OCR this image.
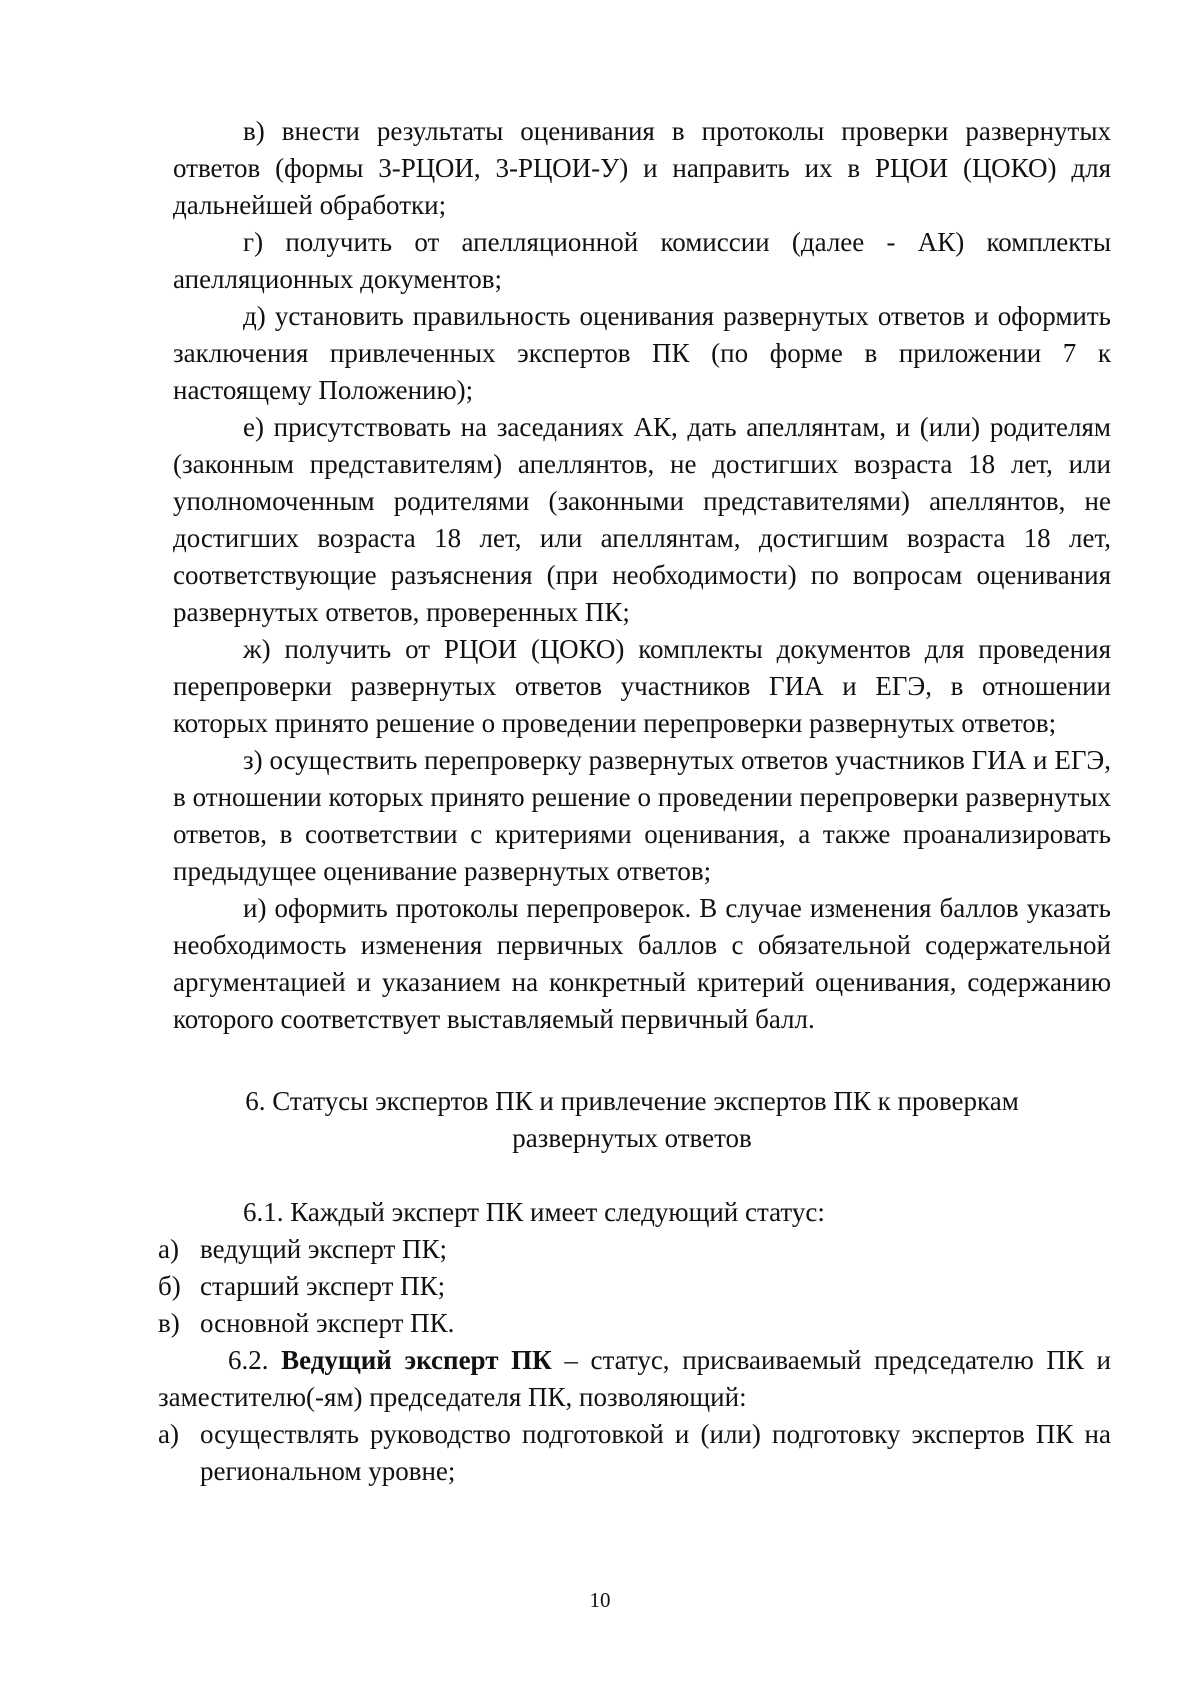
в) внести результаты оценивания в протоколы проверки развернутых ответов (формы 3-РЦОИ, 3-РЦОИ-У) и направить их в РЦОИ (ЦОКО) для дальнейшей обработки;

г) получить от апелляционной комиссии (далее - АК) комплекты апелляционных документов;

д) установить правильность оценивания развернутых ответов и оформить заключения привлеченных экспертов ПК (по форме в приложении 7 к настоящему Положению);

е) присутствовать на заседаниях АК, дать апеллянтам, и (или) родителям (законным представителям) апеллянтов, не достигших возраста 18 лет, или уполномоченным родителями (законными представителями) апеллянтов, не достигших возраста 18 лет, или апеллянтам, достигшим возраста 18 лет, соответствующие разъяснения (при необходимости) по вопросам оценивания развернутых ответов, проверенных ПК;

ж) получить от РЦОИ (ЦОКО) комплекты документов для проведения перепроверки развернутых ответов участников ГИА и ЕГЭ, в отношении которых принято решение о проведении перепроверки развернутых ответов;

з) осуществить перепроверку развернутых ответов участников ГИА и ЕГЭ, в отношении которых принято решение о проведении перепроверки развернутых ответов, в соответствии с критериями оценивания, а также проанализировать предыдущее оценивание развернутых ответов;

и) оформить протоколы перепроверок. В случае изменения баллов указать необходимость изменения первичных баллов с обязательной содержательной аргументацией и указанием на конкретный критерий оценивания, содержанию которого соответствует выставляемый первичный балл.

6. Статусы экспертов ПК и привлечение экспертов ПК к проверкам
развернутых ответов

6.1. Каждый эксперт ПК имеет следующий статус:

а) ведущий эксперт ПК;

б) старший эксперт ПК;

в) основной эксперт ПК.

6.2. Ведущий эксперт ПК – статус, присваиваемый председателю ПК и заместителю(-ям) председателя ПК, позволяющий:

а) осуществлять руководство подготовкой и (или) подготовку экспертов ПК на региональном уровне;

10
